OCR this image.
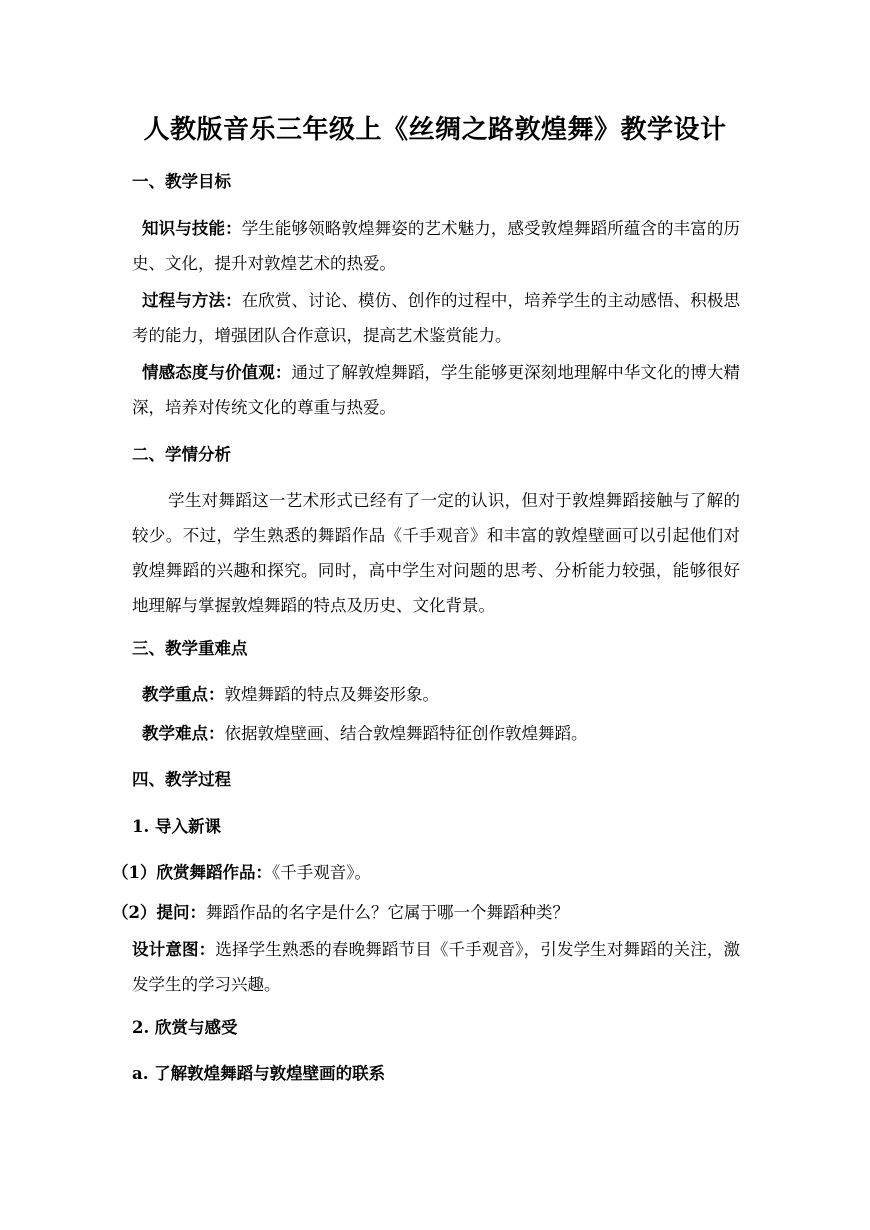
人教版音乐三年级上《丝绸之路敦煌舞》教学设计
一、教学目标
知识与技能：学生能够领略敦煌舞姿的艺术魅力，感受敦煌舞蹈所蕴含的丰富的历史、文化，提升对敦煌艺术的热爱。
过程与方法：在欣赏、讨论、模仿、创作的过程中，培养学生的主动感悟、积极思考的能力，增强团队合作意识，提高艺术鉴赏能力。
情感态度与价值观：通过了解敦煌舞蹈，学生能够更深刻地理解中华文化的博大精深，培养对传统文化的尊重与热爱。
二、学情分析
学生对舞蹈这一艺术形式已经有了一定的认识，但对于敦煌舞蹈接触与了解的较少。不过，学生熟悉的舞蹈作品《千手观音》和丰富的敦煌壁画可以引起他们对敦煌舞蹈的兴趣和探究。同时，高中学生对问题的思考、分析能力较强，能够很好地理解与掌握敦煌舞蹈的特点及历史、文化背景。
三、教学重难点
教学重点：敦煌舞蹈的特点及舞姿形象。
教学难点：依据敦煌壁画、结合敦煌舞蹈特征创作敦煌舞蹈。
四、教学过程
1. 导入新课
（1）欣赏舞蹈作品：《千手观音》。
（2）提问：舞蹈作品的名字是什么？它属于哪一个舞蹈种类？
设计意图：选择学生熟悉的春晚舞蹈节目《千手观音》，引发学生对舞蹈的关注，激发学生的学习兴趣。
2. 欣赏与感受
a. 了解敦煌舞蹈与敦煌壁画的联系
